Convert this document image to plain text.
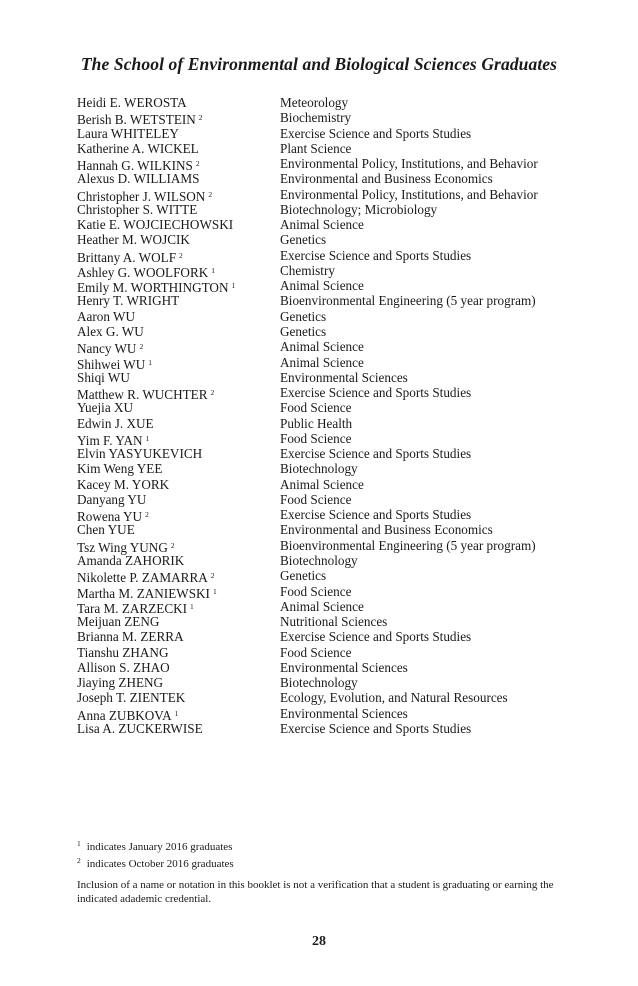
The School of Environmental and Biological Sciences Graduates
Heidi E. WEROSTA	Meteorology
Berish B. WETSTEIN $^2$	Biochemistry
Laura WHITELEY	Exercise Science and Sports Studies
Katherine A. WICKEL	Plant Science
Hannah G. WILKINS $^2$	Environmental Policy, Institutions, and Behavior
Alexus D. WILLIAMS	Environmental and Business Economics
Christopher J. WILSON $^2$	Environmental Policy, Institutions, and Behavior
Christopher S. WITTE	Biotechnology; Microbiology
Katie E. WOJCIECHOWSKI	Animal Science
Heather M. WOJCIK	Genetics
Brittany A. WOLF $^2$	Exercise Science and Sports Studies
Ashley G. WOOLFORK $^1$	Chemistry
Emily M. WORTHINGTON $^1$	Animal Science
Henry T. WRIGHT	Bioenvironmental Engineering (5 year program)
Aaron WU	Genetics
Alex G. WU	Genetics
Nancy WU $^2$	Animal Science
Shihwei WU $^1$	Animal Science
Shiqi WU	Environmental Sciences
Matthew R. WUCHTER $^2$	Exercise Science and Sports Studies
Yuejia XU	Food Science
Edwin J. XUE	Public Health
Yim F. YAN $^1$	Food Science
Elvin YASYUKEVICH	Exercise Science and Sports Studies
Kim Weng YEE	Biotechnology
Kacey M. YORK	Animal Science
Danyang YU	Food Science
Rowena YU $^2$	Exercise Science and Sports Studies
Chen YUE	Environmental and Business Economics
Tsz Wing YUNG $^2$	Bioenvironmental Engineering (5 year program)
Amanda ZAHORIK	Biotechnology
Nikolette P. ZAMARRA $^2$	Genetics
Martha M. ZANIEWSKI $^1$	Food Science
Tara M. ZARZECKI $^1$	Animal Science
Meijuan ZENG	Nutritional Sciences
Brianna M. ZERRA	Exercise Science and Sports Studies
Tianshu ZHANG	Food Science
Allison S. ZHAO	Environmental Sciences
Jiaying ZHENG	Biotechnology
Joseph T. ZIENTEK	Ecology, Evolution, and Natural Resources
Anna ZUBKOVA $^1$	Environmental Sciences
Lisa A. ZUCKERWISE	Exercise Science and Sports Studies
$^1$ indicates January 2016 graduates
$^2$ indicates October 2016 graduates
Inclusion of a name or notation in this booklet is not a verification that a student is graduating or earning the indicated adademic credential.
28
